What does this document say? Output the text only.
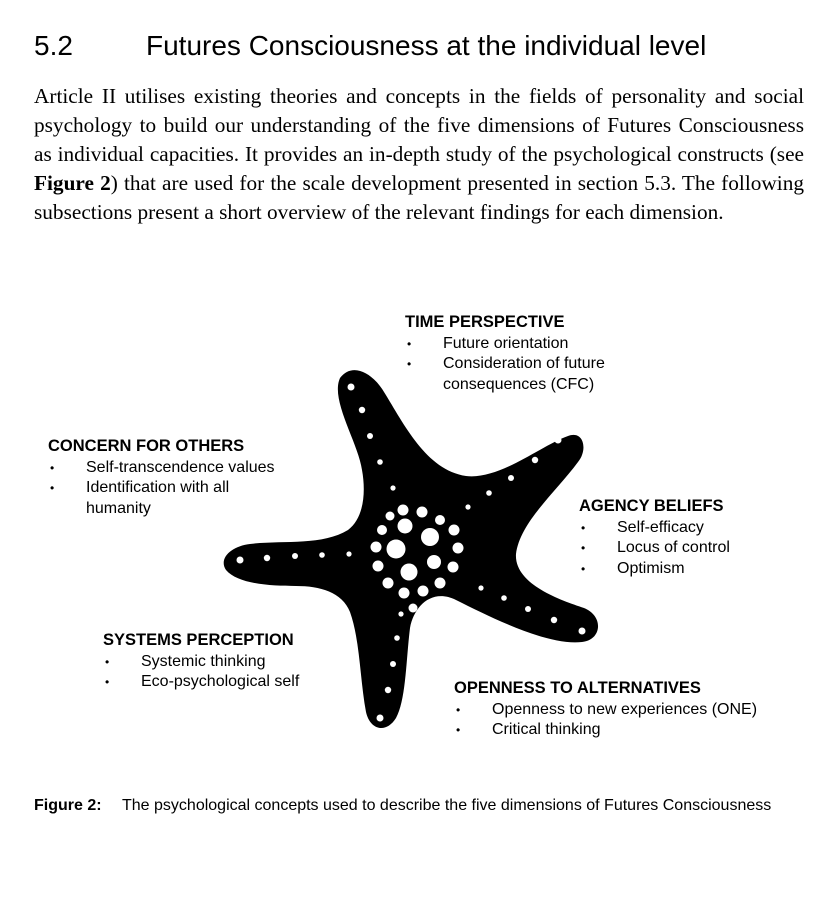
5.2	Futures Consciousness at the individual level

Article II utilises existing theories and concepts in the fields of personality and social psychology to build our understanding of the five dimensions of Futures Consciousness as individual capacities. It provides an in-depth study of the psychological constructs (see Figure 2) that are used for the scale development presented in section 5.3. The following subsections present a short overview of the relevant findings for each dimension.

TIME PERSPECTIVE
• Future orientation
• Consideration of future consequences (CFC)
CONCERN FOR OTHERS
• Self-transcendence values
• Identification with all humanity	AGENCY BELIEFS
• Self-efficacy
• Locus of control
• Optimism
SYSTEMS PERCEPTION
• Systemic thinking
• Eco-psychological self	OPENNESS TO ALTERNATIVES
• Openness to new experiences (ONE)
• Critical thinking
Figure 2:	The psychological concepts used to describe the five dimensions of Futures Consciousness
